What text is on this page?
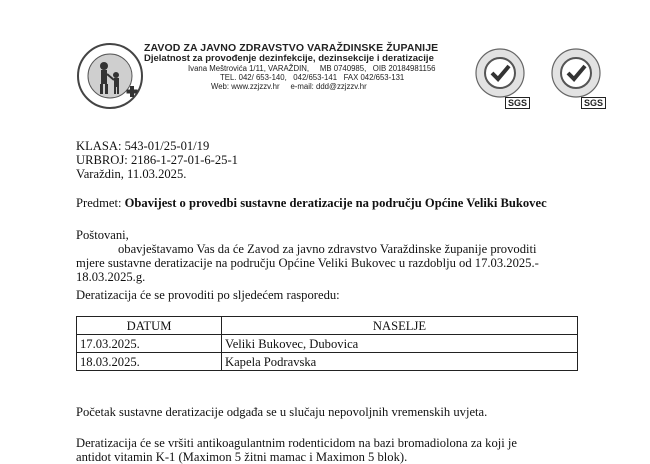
ZAVOD ZA JAVNO ZDRAVSTVO VARAŽDINSKE ŽUPANIJE
Djelatnost za provođenje dezinfekcije, dezinsekcije i deratizacije
Ivana Meštrovića 1/11, VARAŽDIN, MB 0740985, OIB 20184981156
TEL. 042/ 653-140, 042/653-141 FAX 042/653-131
Web: www.zzjzzv.hr e-mail: ddd@zzjzzv.hr
SGS	SGS
KLASA: 543-01/25-01/19
URBROJ: 2186-1-27-01-6-25-1
Varaždin, 11.03.2025.
Predmet: Obavijest o provedbi sustavne deratizacije na području Općine Veliki Bukovec
Poštovani,
obavještavamo Vas da će Zavod za javno zdravstvo Varaždinske županije provoditi
mjere sustavne deratizacije na području Općine Veliki Bukovec u razdoblju od 17.03.2025.-
18.03.2025.g.
Deratizacija će se provoditi po sljedećem rasporedu:
DATUM	NASELJE
17.03.2025.	Veliki Bukovec, Dubovica
18.03.2025.	Kapela Podravska
Početak sustavne deratizacije odgađa se u slučaju nepovoljnih vremenskih uvjeta.
Deratizacija će se vršiti antikoagulantnim rodenticidom na bazi bromadiolona za koji je
antidot vitamin K-1 (Maximon 5 žitni mamac i Maximon 5 blok).
